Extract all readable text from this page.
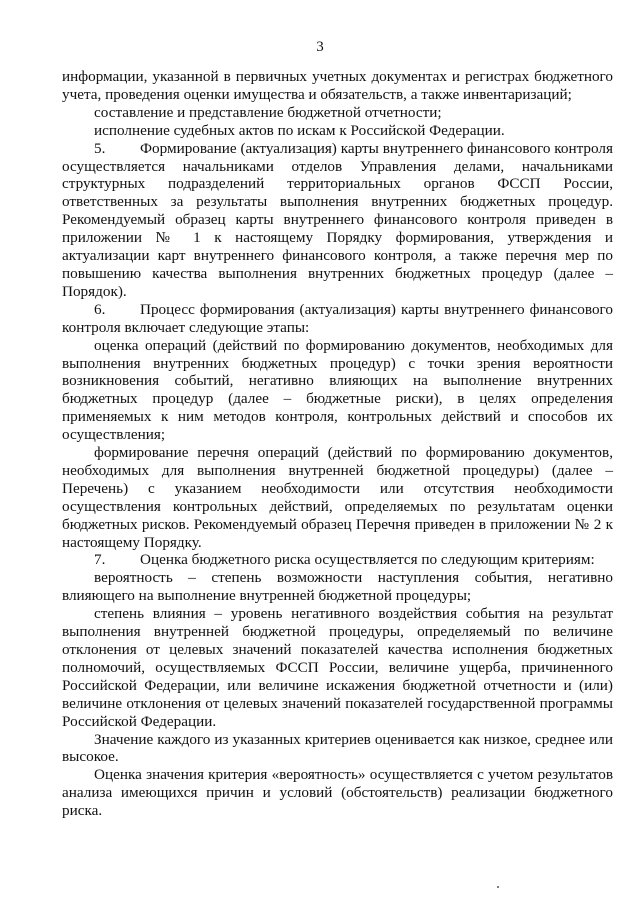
3

информации, указанной в первичных учетных документах и регистрах бюджетного учета, проведения оценки имущества и обязательств, а также инвентаризаций;

составление и представление бюджетной отчетности;

исполнение судебных актов по искам к Российской Федерации.

5. Формирование (актуализация) карты внутреннего финансового контроля осуществляется начальниками отделов Управления делами, начальниками структурных подразделений территориальных органов ФССП России, ответственных за результаты выполнения внутренних бюджетных процедур. Рекомендуемый образец карты внутреннего финансового контроля приведен в приложении № 1 к настоящему Порядку формирования, утверждения и актуализации карт внутреннего финансового контроля, а также перечня мер по повышению качества выполнения внутренних бюджетных процедур (далее – Порядок).

6. Процесс формирования (актуализация) карты внутреннего финансового контроля включает следующие этапы:

оценка операций (действий по формированию документов, необходимых для выполнения внутренних бюджетных процедур) с точки зрения вероятности возникновения событий, негативно влияющих на выполнение внутренних бюджетных процедур (далее – бюджетные риски), в целях определения применяемых к ним методов контроля, контрольных действий и способов их осуществления;

формирование перечня операций (действий по формированию документов, необходимых для выполнения внутренней бюджетной процедуры) (далее – Перечень) с указанием необходимости или отсутствия необходимости осуществления контрольных действий, определяемых по результатам оценки бюджетных рисков. Рекомендуемый образец Перечня приведен в приложении № 2 к настоящему Порядку.

7. Оценка бюджетного риска осуществляется по следующим критериям:

вероятность – степень возможности наступления события, негативно влияющего на выполнение внутренней бюджетной процедуры;

степень влияния – уровень негативного воздействия события на результат выполнения внутренней бюджетной процедуры, определяемый по величине отклонения от целевых значений показателей качества исполнения бюджетных полномочий, осуществляемых ФССП России, величине ущерба, причиненного Российской Федерации, или величине искажения бюджетной отчетности и (или) величине отклонения от целевых значений показателей государственной программы Российской Федерации.

Значение каждого из указанных критериев оценивается как низкое, среднее или высокое.

Оценка значения критерия «вероятность» осуществляется с учетом результатов анализа имеющихся причин и условий (обстоятельств) реализации бюджетного риска.
